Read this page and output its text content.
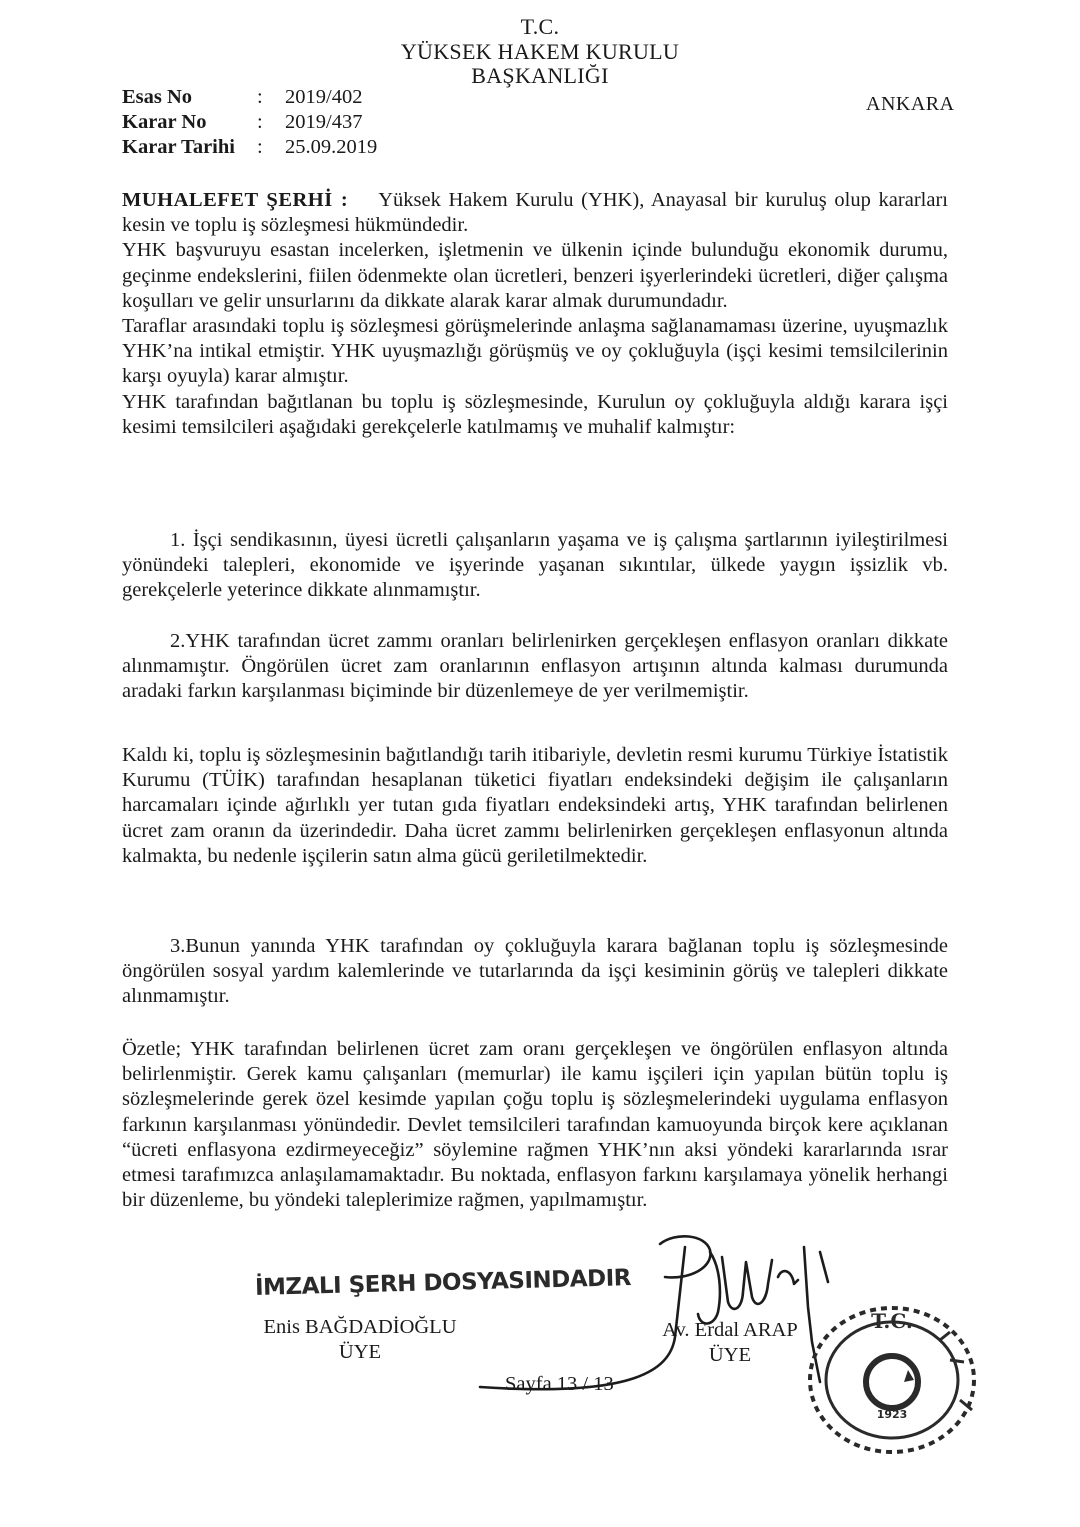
T.C.
YÜKSEK HAKEM KURULU
BAŞKANLIĞI
ANKARA
Esas No	: 2019/402
Karar No : 2019/437
Karar Tarihi : 25.09.2019

MUHALEFET ŞERHİ : Yüksek Hakem Kurulu (YHK), Anayasal bir kuruluş olup kararları kesin ve toplu iş sözleşmesi hükmündedir.

YHK başvuruyu esastan incelerken, işletmenin ve ülkenin içinde bulunduğu ekonomik durumu, geçinme endekslerini, fiilen ödenmekte olan ücretleri, benzeri işyerlerindeki ücretleri, diğer çalışma koşulları ve gelir unsurlarını da dikkate alarak karar almak durumundadır.

Taraflar arasındaki toplu iş sözleşmesi görüşmelerinde anlaşma sağlanamaması üzerine, uyuşmazlık YHK’na intikal etmiştir. YHK uyuşmazlığı görüşmüş ve oy çokluğuyla (işçi kesimi temsilcilerinin karşı oyuyla) karar almıştır.

YHK tarafından bağıtlanan bu toplu iş sözleşmesinde, Kurulun oy çokluğuyla aldığı karara işçi kesimi temsilcileri aşağıdaki gerekçelerle katılmamış ve muhalif kalmıştır:

1. İşçi sendikasının, üyesi ücretli çalışanların yaşama ve iş çalışma şartlarının iyileştirilmesi yönündeki talepleri, ekonomide ve işyerinde yaşanan sıkıntılar, ülkede yaygın işsizlik vb. gerekçelerle yeterince dikkate alınmamıştır.

2.YHK tarafından ücret zammı oranları belirlenirken gerçekleşen enflasyon oranları dikkate alınmamıştır. Öngörülen ücret zam oranlarının enflasyon artışının altında kalması durumunda aradaki farkın karşılanması biçiminde bir düzenlemeye de yer verilmemiştir.

Kaldı ki, toplu iş sözleşmesinin bağıtlandığı tarih itibariyle, devletin resmi kurumu Türkiye İstatistik Kurumu (TÜİK) tarafından hesaplanan tüketici fiyatları endeksindeki değişim ile çalışanların harcamaları içinde ağırlıklı yer tutan gıda fiyatları endeksindeki artış, YHK tarafından belirlenen ücret zam oranın da üzerindedir. Daha ücret zammı belirlenirken gerçekleşen enflasyonun altında kalmakta, bu nedenle işçilerin satın alma gücü geriletilmektedir.

3.Bunun yanında YHK tarafından oy çokluğuyla karara bağlanan toplu iş sözleşmesinde öngörülen sosyal yardım kalemlerinde ve tutarlarında da işçi kesiminin görüş ve talepleri dikkate alınmamıştır.

Özetle; YHK tarafından belirlenen ücret zam oranı gerçekleşen ve öngörülen enflasyon altında belirlenmiştir. Gerek kamu çalışanları (memurlar) ile kamu işçileri için yapılan bütün toplu iş sözleşmelerinde gerek özel kesimde yapılan çoğu toplu iş sözleşmelerindeki uygulama enflasyon farkının karşılanması yönündedir. Devlet temsilcileri tarafından kamuoyunda birçok kere açıklanan “ücreti enflasyona ezdirmeyeceğiz” söylemine rağmen YHK’nın aksi yöndeki kararlarında ısrar etmesi tarafımızca anlaşılamamaktadır. Bu noktada, enflasyon farkını karşılamaya yönelik herhangi bir düzenleme, bu yöndeki taleplerimize rağmen, yapılmamıştır.

İMZALI ŞERH DOSYASINDADIR
Enis BAĞDADİOĞLU
ÜYE
Av. Erdal ARAP
ÜYE
T.C.
1923
Sayfa 13 / 13
